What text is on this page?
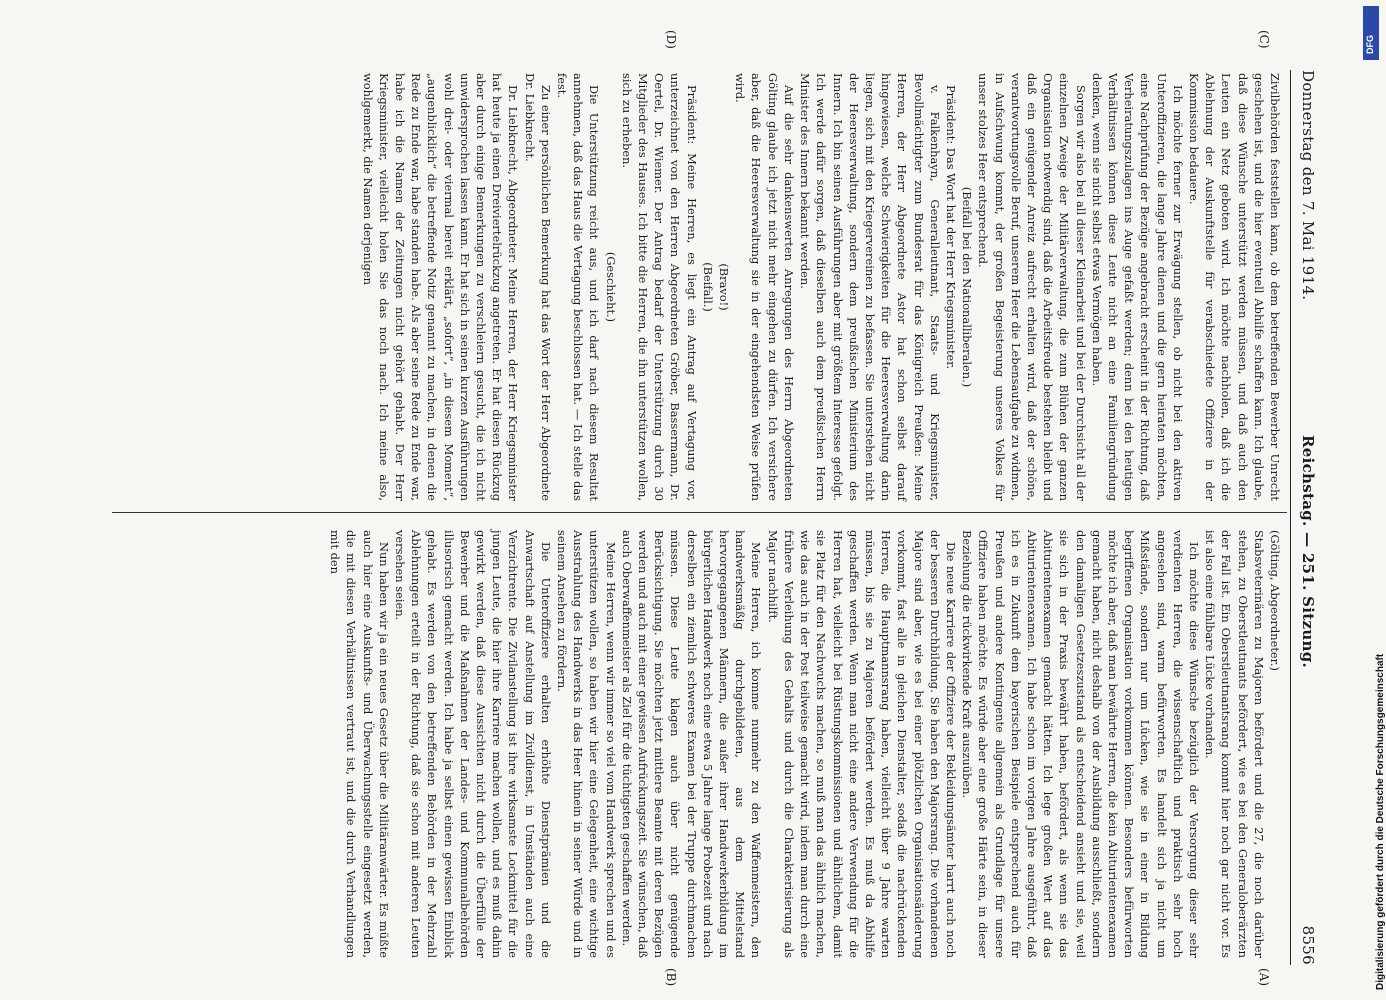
Donnerstag den 7. Mai 1914.
Reichstag. — 251. Sitzung.
8556

Zivilbehörden feststellen kann, ob dem betreffenden Bewerber Unrecht geschehen ist, und die hier eventuell Abhilfe schaffen kann. Ich glaube, daß diese Wünsche unterstützt werden müssen, und daß auch den Leuten ein Netz geboten wird. Ich möchte nachholen, daß ich die Ablehnung der Auskunftstelle für verabschiedete Offiziere in der Kommission bedauere.

Ich möchte ferner zur Erwägung stellen, ob nicht bei den aktiven Unteroffizieren, die lange Jahre dienen und die gern heiraten möchten, eine Nachprüfung der Bezüge angebracht erscheint in der Richtung, daß Verheiratungszulagen ins Auge gefaßt werden; denn bei den heutigen Verhältnissen können diese Leute nicht an eine Familiengründung denken, wenn sie nicht selbst etwas Vermögen haben.

Sorgen wir also bei all dieser Kleinarbeit und bei der Durchsicht all der einzelnen Zweige der Militärverwaltung, die zum Blühen der ganzen Organisation notwendig sind, daß die Arbeitsfreude bestehen bleibt und daß ein genügender Anreiz aufrecht erhalten wird, daß der schöne, verantwortungsvolle Beruf, unserem Heer die Lebensaufgabe zu widmen, in Aufschwung kommt, der großen Begeisterung unseres Volkes für unser stolzes Heer entsprechend.

(Beifall bei den Nationalliberalen.)

Präsident: Das Wort hat der Herr Kriegsminister.

v. Falkenhayn, Generalleutnant, Staats- und Kriegsminister, Bevollmächtigter zum Bundesrat für das Königreich Preußen: Meine Herren, der Herr Abgeordnete Astor hat schon selbst darauf hingewiesen, welche Schwierigkeiten für die Heeresverwaltung darin liegen, sich mit den Kriegervereinen zu befassen. Sie unterstehen nicht der Heeresverwaltung, sondern dem preußischen Ministerium des Innern. Ich bin seinen Ausführungen aber mit größtem Interesse gefolgt. Ich werde dafür sorgen, daß dieselben auch dem preußischen Herrn Minister des Innern bekannt werden.

Auf die sehr dankenswerten Anregungen des Herrn Abgeordneten Gölting glaube ich jetzt nicht mehr eingehen zu dürfen. Ich versichere aber, daß die Heeresverwaltung sie in der eingehendsten Weise prüfen wird.

(Bravo!)

(Beifall.)

Präsident: Meine Herren, es liegt ein Antrag auf Vertagung vor, unterzeichnet von den Herren Abgeordneten Gröber, Bassermann, Dr. Oertel, Dr. Wiemer. Der Antrag bedarf der Unterstützung durch 30 Mitglieder des Hauses. Ich bitte die Herren, die ihn unterstützen wollen, sich zu erheben.

(Geschieht.)

Die Unterstützung reicht aus, und ich darf nach diesem Resultat annehmen, daß das Haus die Vertagung beschlossen hat. — Ich stelle das fest.

Zu einer persönlichen Bemerkung hat das Wort der Herr Abgeordnete Dr. Liebknecht.

Dr. Liebknecht, Abgeordneter: Meine Herren, der Herr Kriegsminister hat heute ja einen Dreiviertelrückzug angetreten. Er hat diesen Rückzug aber durch einige Bemerkungen zu verschleiern gesucht, die ich nicht unwidersprochen lassen kann. Er hat sich in seinen kurzen Ausführungen wohl drei- oder viermal bereit erklärt, „sofort“, „in diesem Moment“, „augenblicklich“ die betreffende Notiz genannt zu machen, in denen die Rede zu Ende war, habe standen habe. Als aber seine Rede zu Ende war, habe ich die Namen der Zeitungen nicht gehört gehabt. Der Herr Kriegsminister, vielleicht holen Sie das noch nach. Ich meine also, wohlgemerkt, die Namen derjenigen

(Gölting, Abgeordneter.)

Stabsveterinären zu Majoren befördert und die 27, die noch darüber stehen, zu Oberstleutnants befördert, wie es bei den Generaloberärzten der Fall ist. Ein Oberstleutnantsrang kommt hier noch gar nicht vor. Es ist also eine fühlbare Lücke vorhanden.

Ich möchte diese Wünsche bezüglich der Versorgung dieser sehr verdienten Herren, die wissenschaftlich und praktisch sehr hoch angesehen sind, warm befürworten. Es handelt sich ja nicht um Mißstände, sondern nur um Lücken, wie sie in einer in Bildung begriffenen Organisation vorkommen können. Besonders befürworten möchte ich aber, daß man bewährte Herren, die kein Abiturientenexamen gemacht haben, nicht deshalb von der Ausbildung ausschließt, sondern den damaligen Gesetzeszustand als entscheidend ansieht und sie, weil sie sich in der Praxis bewährt haben, befördert, als wenn sie das Abiturientenexamen gemacht hätten. Ich lege großen Wert auf das Abiturientenexamen. Ich habe schon im vorigen Jahre ausgeführt, daß ich es in Zukunft dem bayerischen Beispiele entsprechend auch für Preußen und andere Kontingente allgemein als Grundlage für unsere Offiziere haben möchte. Es würde aber eine große Härte sein, in dieser Beziehung die rückwirkende Kraft auszuüben.

Die neue Karriere der Offiziere der Bekleidungsämter harrt auch noch der besseren Durchbildung. Sie haben den Majorsrang. Die vorhandenen Majore sind aber, wie es bei einer plötzlichen Organisationsänderung vorkommt, fast alle in gleichen Dienstalter, sodaß die nachrückenden Herren, die Hauptmannsrang haben, vielleicht über 9 Jahre warten müssen, bis sie zu Majoren befördert werden. Es muß da Abhilfe geschaffen werden. Wenn man nicht eine andere Verwendung für die Herren hat, vielleicht bei Rüstungskommissionen und ähnlichem, damit sie Platz für den Nachwuchs machen, so muß man das ähnlich machen, wie das auch in der Post teilweise gemacht wird, indem man durch eine frühere Verleihung des Gehalts und durch die Charakterisierung als Major nachhilft.

Meine Herren, ich komme nunmehr zu den Waffenmeistern, den handwerksmäßig durchgebildeten, aus dem Mittelstand hervorgegangenen Männern, die außer ihrer Handwerkerbildung im bürgerlichen Handwerk noch eine etwa 5 Jahre lange Probezeit und nach derselben ein ziemlich schweres Examen bei der Truppe durchmachen müssen. Diese Leute klagen auch über nicht genügende Berücksichtigung. Sie möchten jetzt mittlere Beamte mit deren Bezügen werden und auch mit einer gewissen Aufrückungszeit. Sie wünschen, daß auch Oberwaffenmeister als Ziel für die tüchtigsten geschaffen werden.

Meine Herren, wenn wir immer so viel vom Handwerk sprechen und es unterstützen wollen, so haben wir hier eine Gelegenheit, eine wichtige Ausstrahlung des Handwerks in das Heer hinein in seiner Würde und in seinem Ansehen zu fördern.

Die Unteroffiziere erhalten erhöhte Dienstprämien und die Anwartschaft auf Anstellung im Zivildienst, in Umständen auch eine Verzichtrente. Die Zivilanstellung ist ihre wirksamste Lockmittel für die jungen Leute, die hier ihre Karriere machen wollen, und es muß dahin gewirkt werden, daß diese Aussichten nicht durch die Überfülle der Bewerber und die Maßnahmen der Landes- und Kommunalbehörden illusorisch gemacht werden. Ich habe ja selbst einen gewissen Einblick gehabt. Es werden von den betreffenden Behörden in der Mehrzahl Ablehnungen erteilt in der Richtung, daß sie schon mit anderen Leuten versehen seien.

Nun haben wir ja ein neues Gesetz über die Militäranwärter. Es müßte auch hier eine Auskunfts- und Überwachungsstelle eingesetzt werden, die mit diesen Verhältnissen vertraut ist, und die durch Verhandlungen mit den

(C)
(D)
(B)	(A)
DFG
Digitalisierung gefördert durch die Deutsche Forschungsgemeinschaft
